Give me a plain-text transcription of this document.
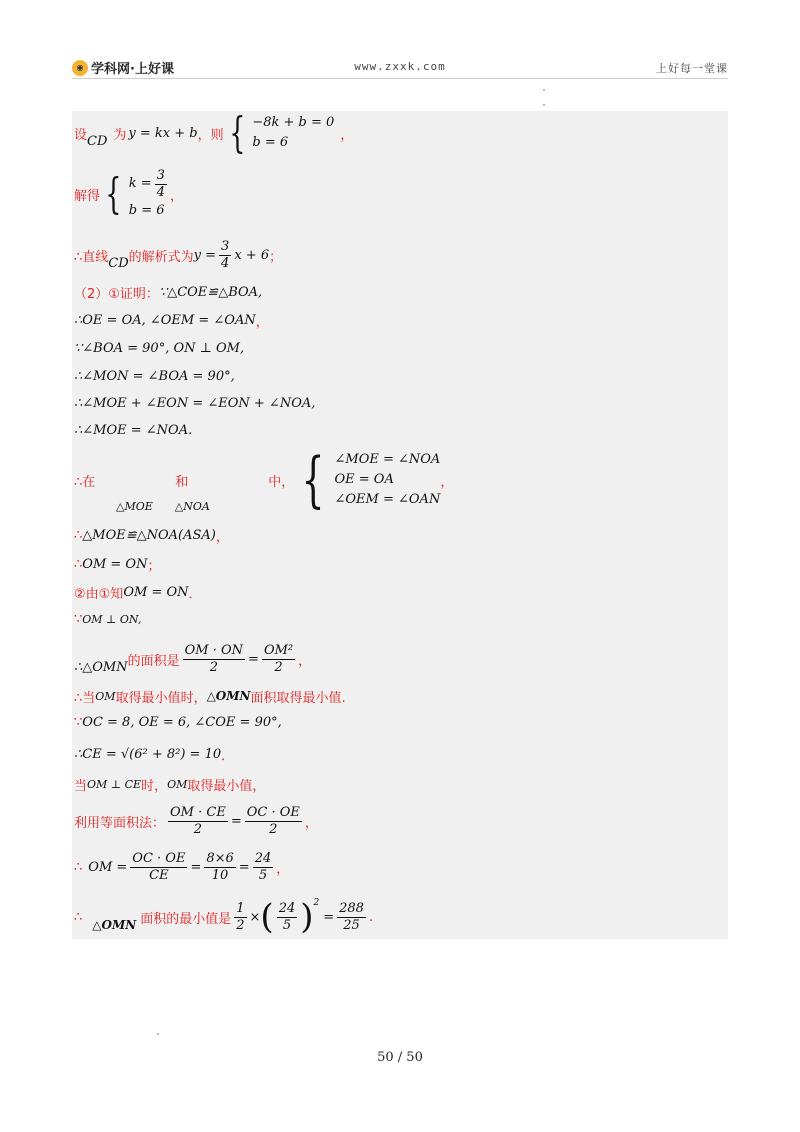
◉ 学科网·上好课	www.zxxk.com	上好每一堂课
设 CD 为 y = kx + b ，则 { −8k + b = 0
b = 6	，
解得 { $k = \frac{3}{4}$
b = 6
，
∴直线 CD 的解析式为 $y = \frac{3}{4}$ x + 6 ；
（2）①证明： ∵△COE≌△BOA,
∴OE = OA, ∠OEM = ∠OAN ，
∵∠BOA = 90°, ON ⊥ OM,
∴∠MON = ∠BOA = 90°,
∴∠MOE + ∠EON = ∠EON + ∠NOA,
∴∠MOE = ∠NOA.
∴在	和	中， { ∠MOE = ∠NOA
OE = OA
∠OEM = ∠OAN
，
△MOE △NOA
∴ △MOE≌△NOA(ASA) ，
∴ OM = ON ；
②由①知 OM = ON ．
∵ OM ⊥ ON,
∴△OMN 的面积是 $\frac{OM \cdot ON}{2} = \frac{\text{OM²}}{2}$ ，
∴当 OM 取得最小值时， △OMN 面积取得最小值.
∵ OC = 8, OE = 6, ∠COE = 90°,
∴CE = √(6² + 8²) = 10 ．
当 OM ⊥ CE 时， OM 取得最小值，
利用等面积法： $\frac{OM \cdot CE}{2} = \frac{OC \cdot OE}{2}$ ，
∴ OM = $\frac{OC \cdot OE}{CE} = \frac{8\times 6}{10} = \frac{24}{5}$ ，
∴
△OMN 面积的最小值是 $\frac{1}{2}$ × ( $\frac{24}{5}$ ) 2
= $\frac{288}{25}$ .
50 / 50
